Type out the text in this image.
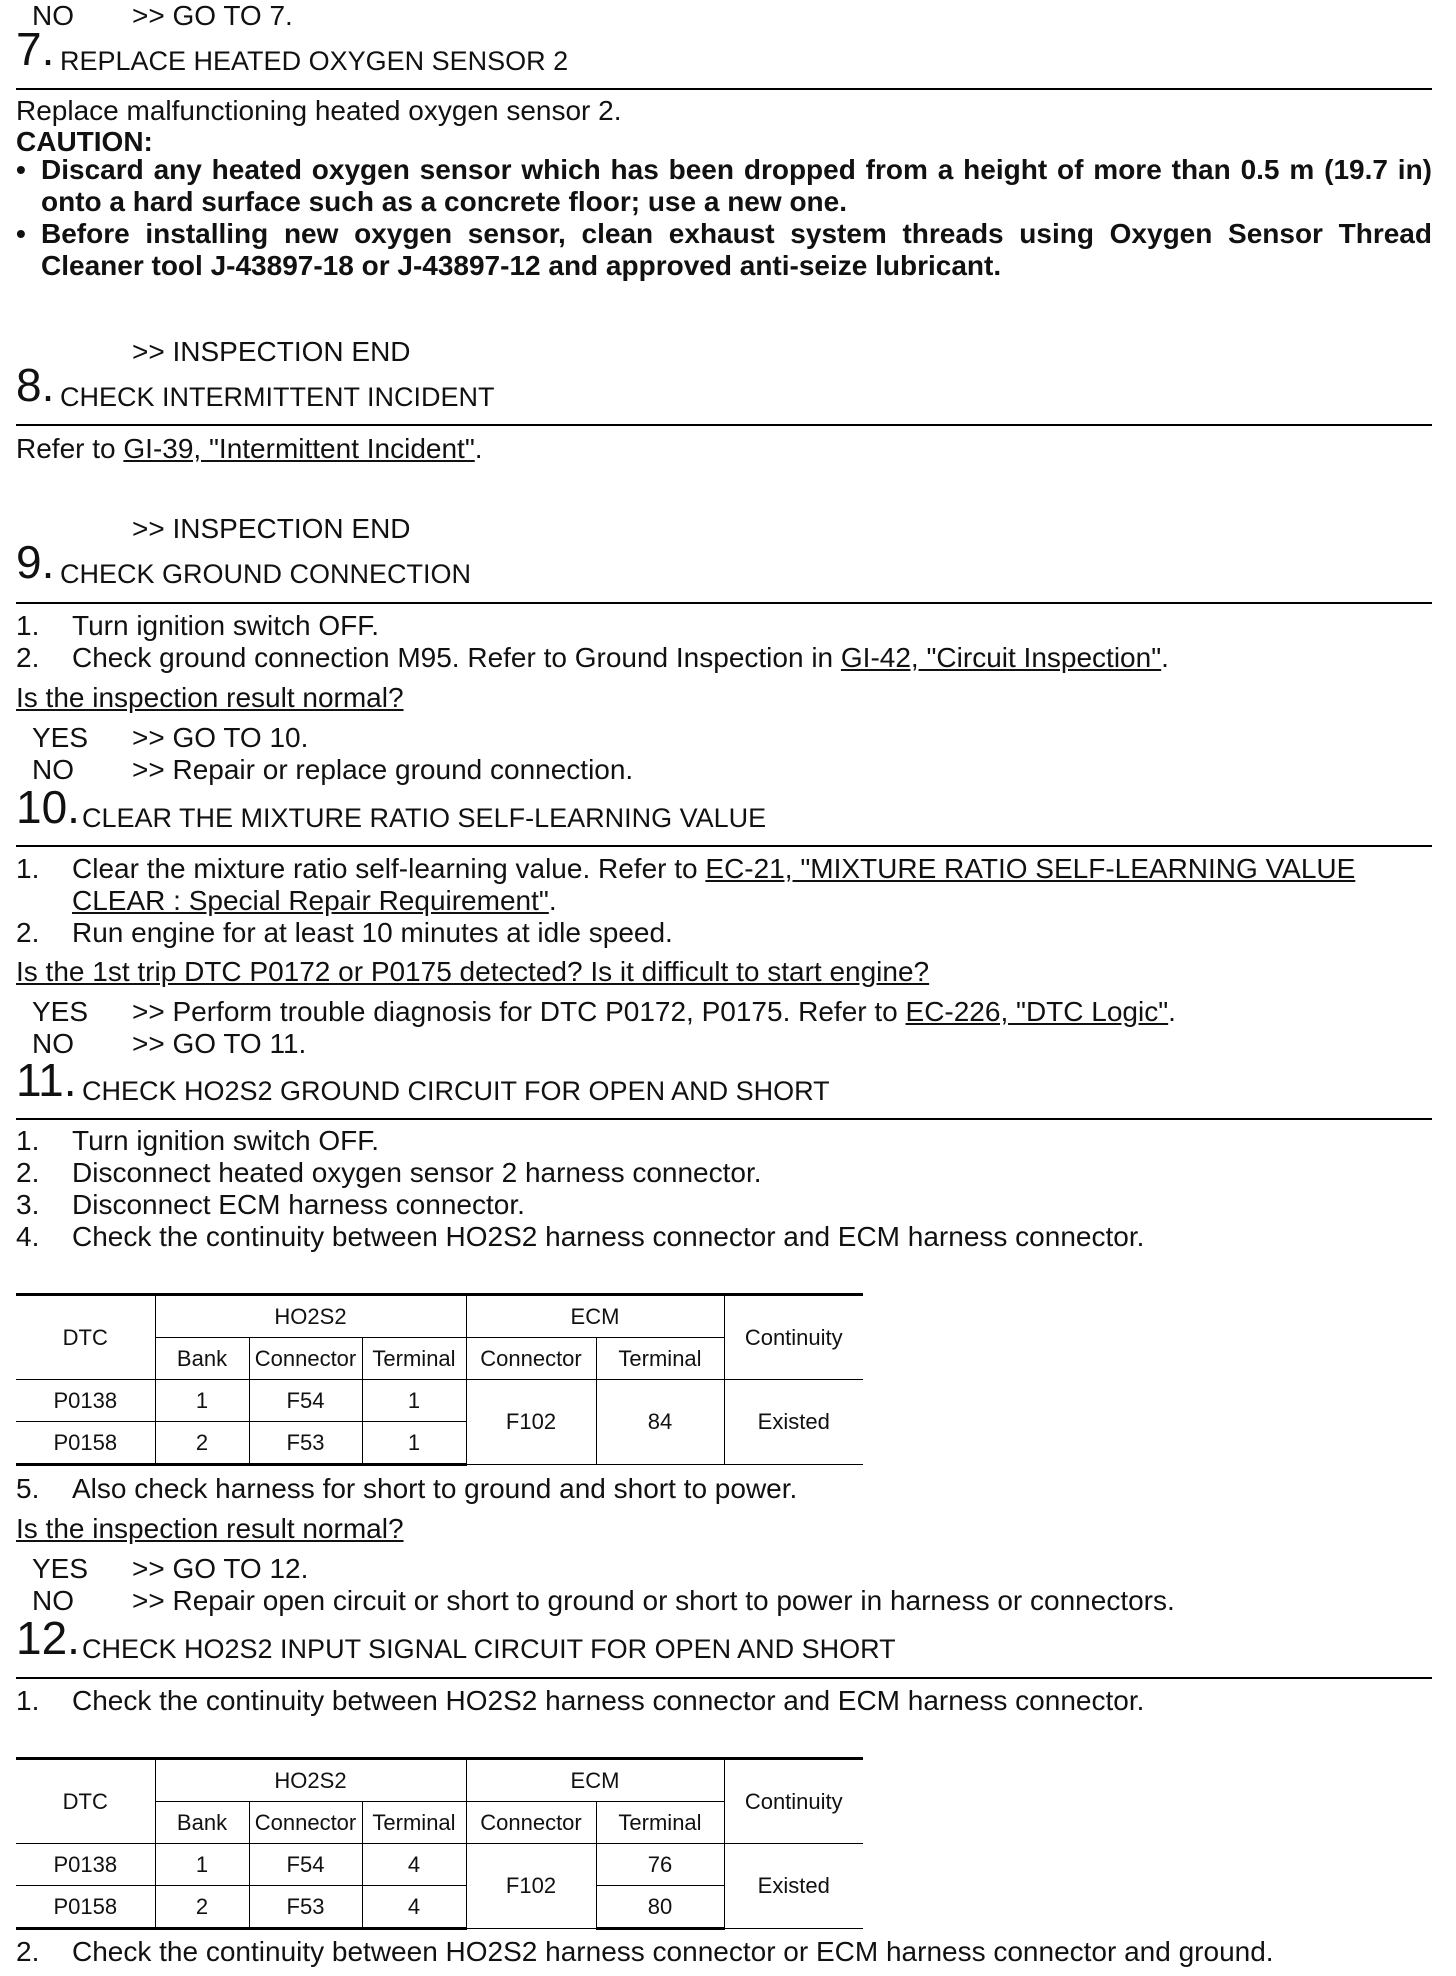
NO >> GO TO 7.
7. REPLACE HEATED OXYGEN SENSOR 2
Replace malfunctioning heated oxygen sensor 2.
CAUTION:
• Discard any heated oxygen sensor which has been dropped from a height of more than 0.5 m (19.7 in) onto a hard surface such as a concrete floor; use a new one.
• Before installing new oxygen sensor, clean exhaust system threads using Oxygen Sensor Thread Cleaner tool J-43897-18 or J-43897-12 and approved anti-seize lubricant.
>> INSPECTION END
8. CHECK INTERMITTENT INCIDENT
Refer to GI-39, "Intermittent Incident".
>> INSPECTION END
9. CHECK GROUND CONNECTION
1. Turn ignition switch OFF.
2. Check ground connection M95. Refer to Ground Inspection in GI-42, "Circuit Inspection".
Is the inspection result normal?
YES >> GO TO 10.
NO >> Repair or replace ground connection.
10. CLEAR THE MIXTURE RATIO SELF-LEARNING VALUE
1. Clear the mixture ratio self-learning value. Refer to EC-21, "MIXTURE RATIO SELF-LEARNING VALUE
CLEAR : Special Repair Requirement".
2. Run engine for at least 10 minutes at idle speed.
Is the 1st trip DTC P0172 or P0175 detected? Is it difficult to start engine?
YES >> Perform trouble diagnosis for DTC P0172, P0175. Refer to EC-226, "DTC Logic".
NO >> GO TO 11.
11. CHECK HO2S2 GROUND CIRCUIT FOR OPEN AND SHORT
1. Turn ignition switch OFF.
2. Disconnect heated oxygen sensor 2 harness connector.
3. Disconnect ECM harness connector.
4. Check the continuity between HO2S2 harness connector and ECM harness connector.
DTC	HO2S2			ECM		Continuity
	Bank	Connector	Terminal	Connector	Terminal	
P0138	1	F54	1	F102	84	Existed
P0158	2	F53	1			
5. Also check harness for short to ground and short to power.
Is the inspection result normal?
YES >> GO TO 12.
NO >> Repair open circuit or short to ground or short to power in harness or connectors.
12. CHECK HO2S2 INPUT SIGNAL CIRCUIT FOR OPEN AND SHORT
1. Check the continuity between HO2S2 harness connector and ECM harness connector.
DTC	HO2S2			ECM		Continuity
	Bank	Connector	Terminal	Connector	Terminal	
P0138	1	F54	4	F102	76	Existed
P0158	2	F53	4		80	
2. Check the continuity between HO2S2 harness connector or ECM harness connector and ground.
